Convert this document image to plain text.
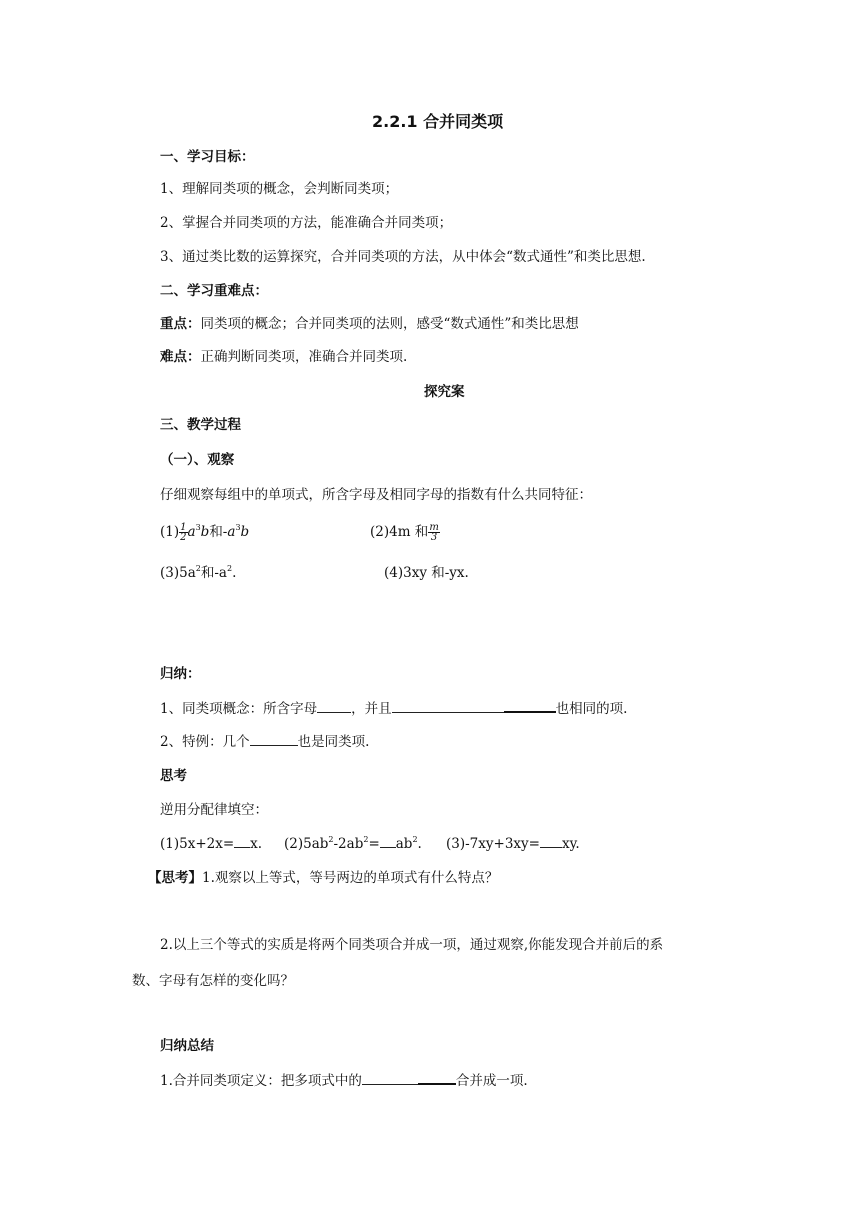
2.2.1 合并同类项
一、学习目标：
1、理解同类项的概念，会判断同类项；
2、掌握合并同类项的方法，能准确合并同类项；
3、通过类比数的运算探究，合并同类项的方法，从中体会“数式通性”和类比思想.
二、学习重难点：
重点：同类项的概念；合并同类项的法则，感受“数式通性”和类比思想
难点：正确判断同类项，准确合并同类项.
探究案
三、教学过程
（一）、观察
仔细观察每组中的单项式，所含字母及相同字母的指数有什么共同特征：
$(1) \frac{1}{2} a^3b$和$-a^3b$	(2)4m 和 $\frac{m}{3}$
$(3)5a^2$和$-a^2$.	(4)3xy 和-yx.
归纳：
1、同类项概念：所含字母	，并且	也相同的项.
2、特例：几个	也是同类项.
思考
逆用分配律填空：
(1)5x+2x= x. $(2)5ab^2-2ab^2= ab^2$. (3)-7xy+3xy= xy.
【思考】1.观察以上等式，等号两边的单项式有什么特点？
2.以上三个等式的实质是将两个同类项合并成一项，通过观察,你能发现合并前后的系
数、字母有怎样的变化吗？
归纳总结
1.合并同类项定义：把多项式中的	合并成一项.
